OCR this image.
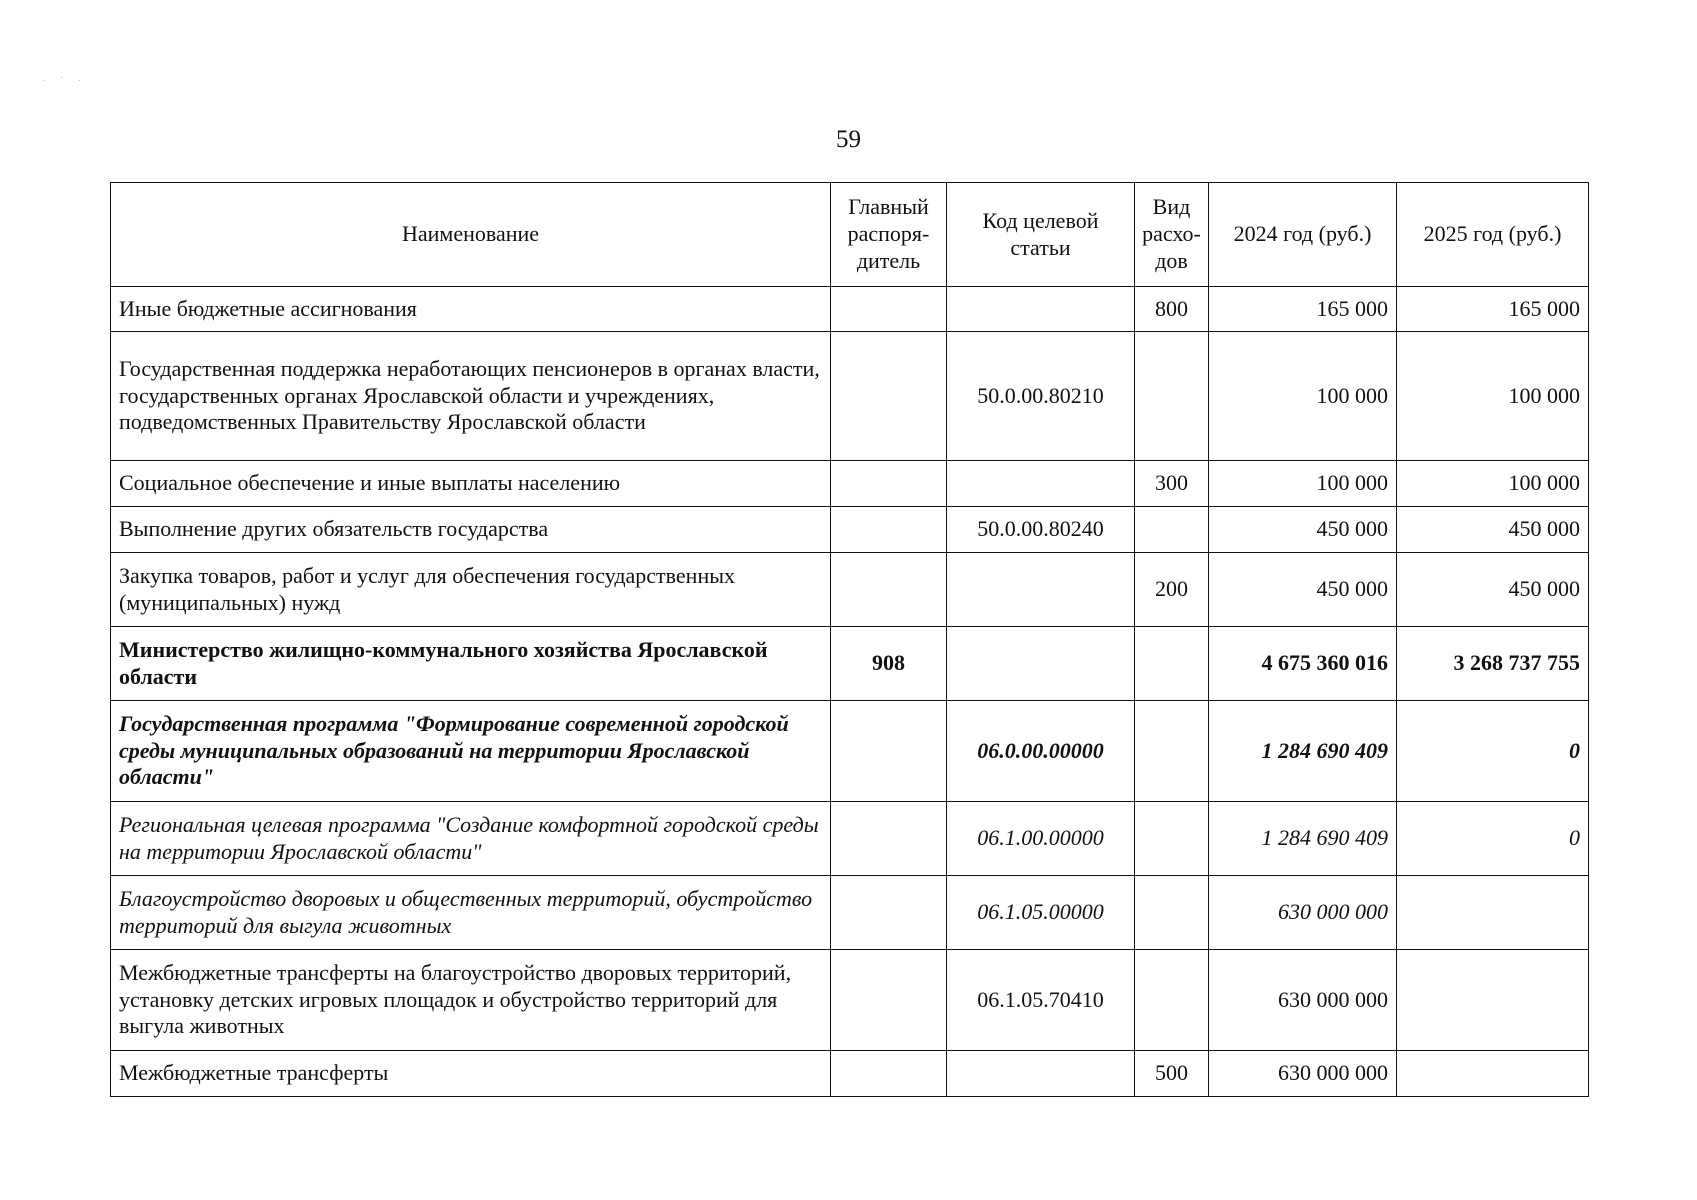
· ˙ ·
59
Наименование	Главный распоря-дитель	Код целевой статьи	Вид расхо-дов	2024 год (руб.)	2025 год (руб.)
Иные бюджетные ассигнования			800	165 000	165 000
Государственная поддержка неработающих пенсионеров в органах власти, государственных органах Ярославской области и учреждениях, подведомственных Правительству Ярославской области		50.0.00.80210		100 000	100 000
Социальное обеспечение и иные выплаты населению			300	100 000	100 000
Выполнение других обязательств государства		50.0.00.80240		450 000	450 000
Закупка товаров, работ и услуг для обеспечения государственных (муниципальных) нужд			200	450 000	450 000
Министерство жилищно-коммунального хозяйства Ярославской области	908			4 675 360 016	3 268 737 755
Государственная программа "Формирование современной городской среды муниципальных образований на территории Ярославской области"		06.0.00.00000		1 284 690 409	0
Региональная целевая программа "Создание комфортной городской среды на территории Ярославской области"		06.1.00.00000		1 284 690 409	0
Благоустройство дворовых и общественных территорий, обустройство территорий для выгула животных		06.1.05.00000		630 000 000	
Межбюджетные трансферты на благоустройство дворовых территорий, установку детских игровых площадок и обустройство территорий для выгула животных		06.1.05.70410		630 000 000	
Межбюджетные трансферты			500	630 000 000	
